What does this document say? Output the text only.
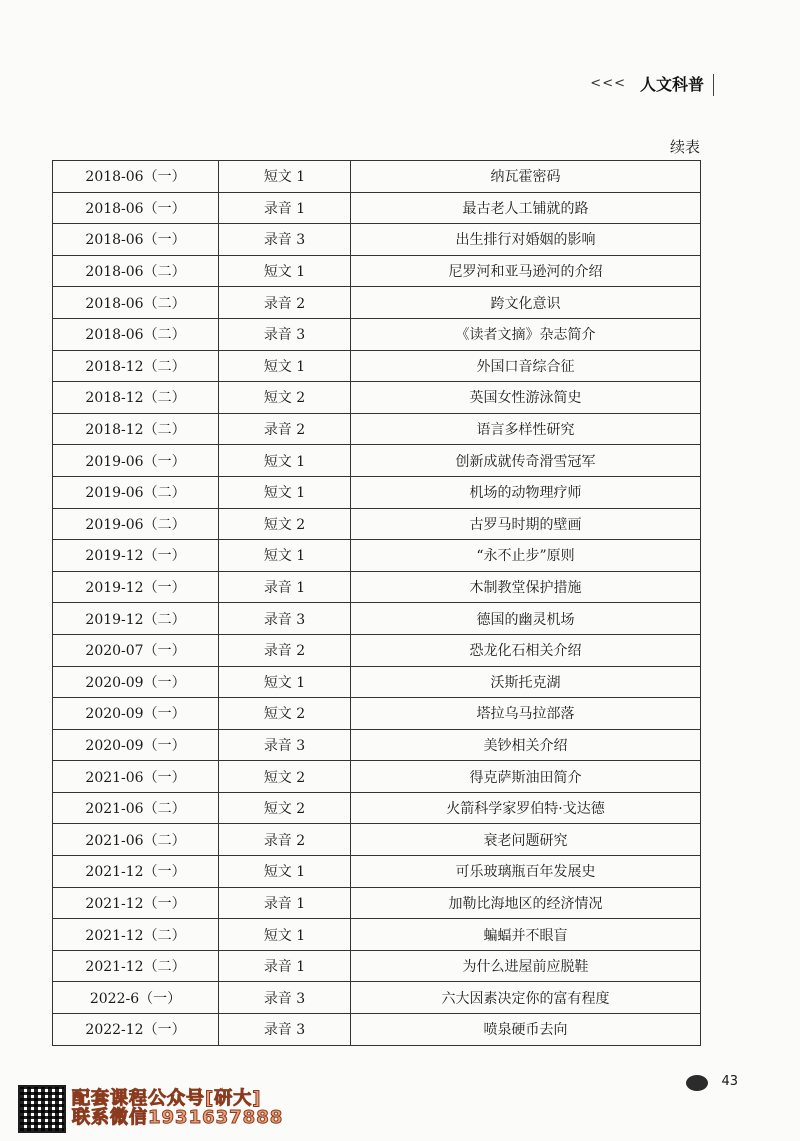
<<< 人文科普
续表
2018-06（一）	短文 1	纳瓦霍密码
2018-06（一）	录音 1	最古老人工铺就的路
2018-06（一）	录音 3	出生排行对婚姻的影响
2018-06（二）	短文 1	尼罗河和亚马逊河的介绍
2018-06（二）	录音 2	跨文化意识
2018-06（二）	录音 3	《读者文摘》杂志简介
2018-12（二）	短文 1	外国口音综合征
2018-12（二）	短文 2	英国女性游泳简史
2018-12（二）	录音 2	语言多样性研究
2019-06（一）	短文 1	创新成就传奇滑雪冠军
2019-06（二）	短文 1	机场的动物理疗师
2019-06（二）	短文 2	古罗马时期的壁画
2019-12（一）	短文 1	“永不止步”原则
2019-12（一）	录音 1	木制教堂保护措施
2019-12（二）	录音 3	德国的幽灵机场
2020-07（一）	录音 2	恐龙化石相关介绍
2020-09（一）	短文 1	沃斯托克湖
2020-09（一）	短文 2	塔拉乌马拉部落
2020-09（一）	录音 3	美钞相关介绍
2021-06（一）	短文 2	得克萨斯油田简介
2021-06（二）	短文 2	火箭科学家罗伯特·戈达德
2021-06（二）	录音 2	衰老问题研究
2021-12（一）	短文 1	可乐玻璃瓶百年发展史
2021-12（一）	录音 1	加勒比海地区的经济情况
2021-12（二）	短文 1	蝙蝠并不眼盲
2021-12（二）	录音 1	为什么进屋前应脱鞋
2022-6（一）	录音 3	六大因素决定你的富有程度
2022-12（一）	录音 3	喷泉硬币去向
43
配套课程公众号[研大]
联系微信1931637888
